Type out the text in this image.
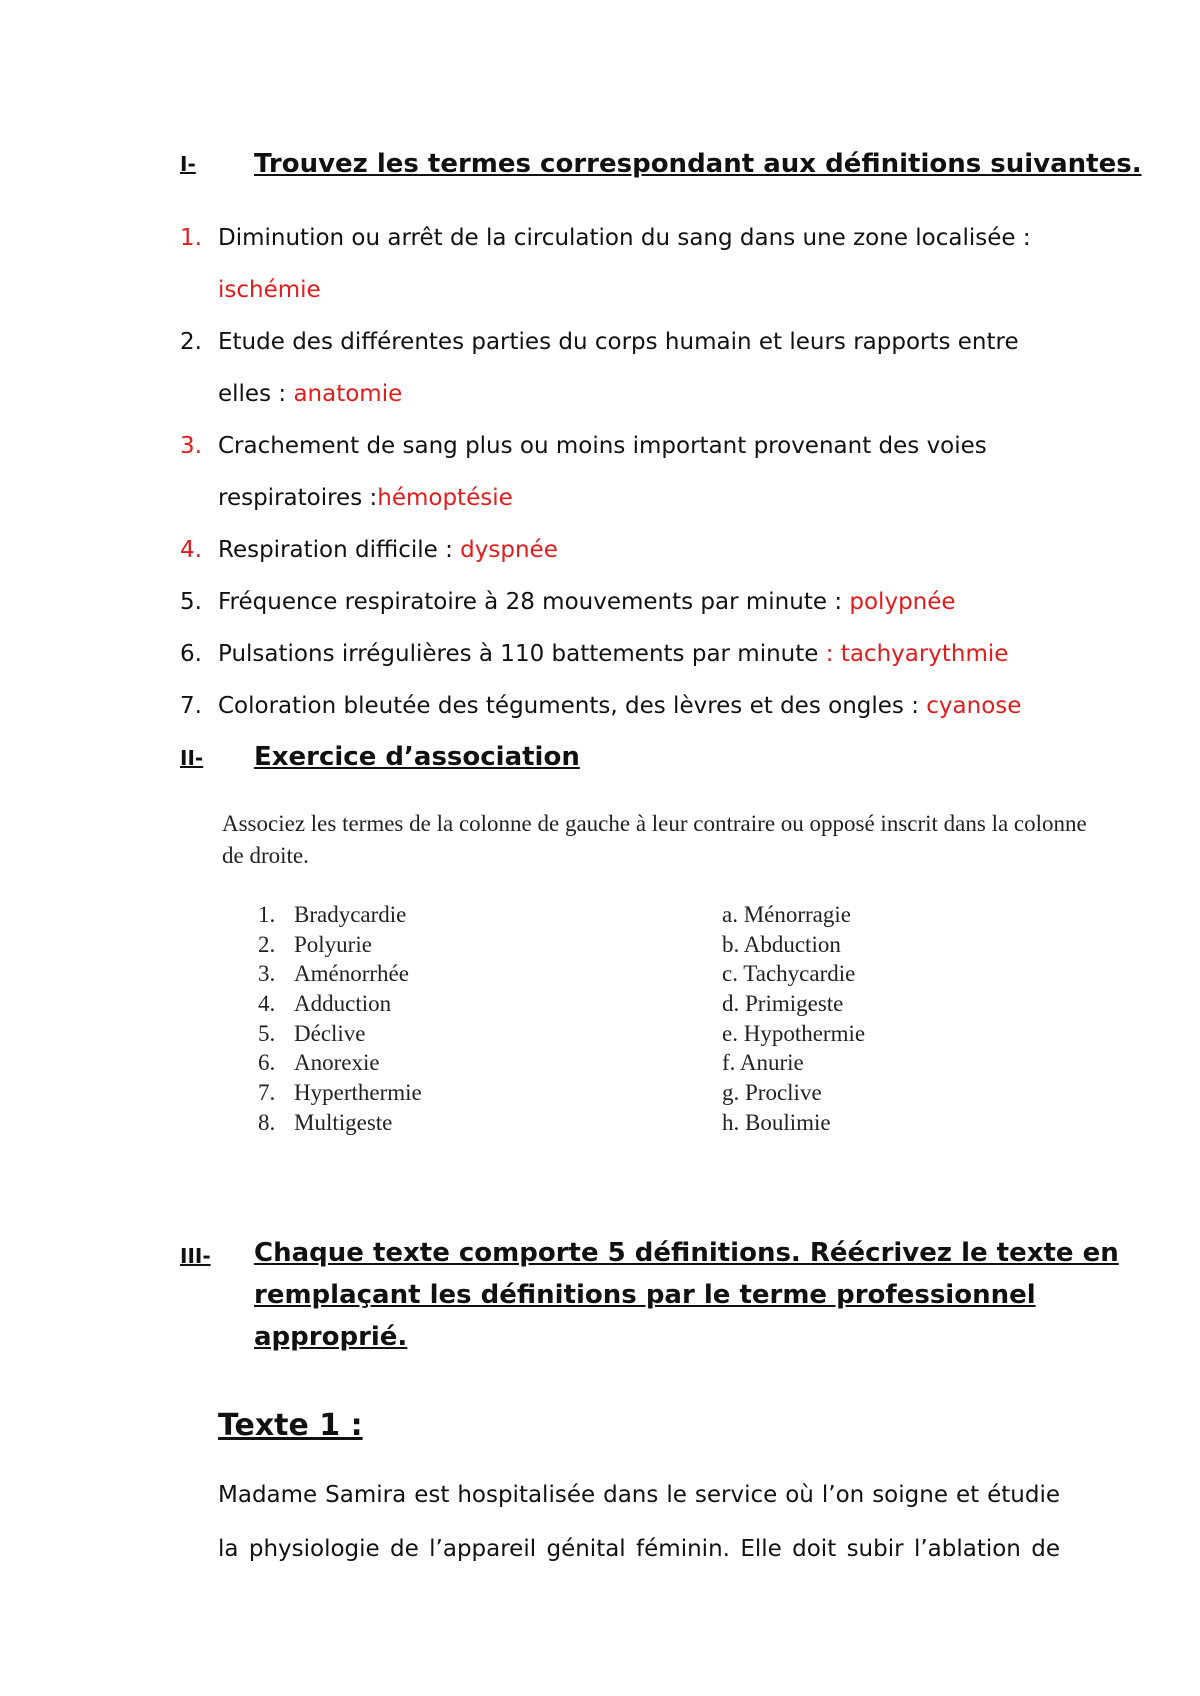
I- Trouvez les termes correspondant aux définitions suivantes.
1. Diminution ou arrêt de la circulation du sang dans une zone localisée :
ischémie
2. Etude des différentes parties du corps humain et leurs rapports entre
elles : anatomie
3. Crachement de sang plus ou moins important provenant des voies
respiratoires :hémoptésie
4. Respiration difficile : dyspnée
5. Fréquence respiratoire à 28 mouvements par minute : polypnée
6. Pulsations irrégulières à 110 battements par minute : tachyarythmie
7. Coloration bleutée des téguments, des lèvres et des ongles : cyanose
II- Exercice d’association
Associez les termes de la colonne de gauche à leur contraire ou opposé inscrit dans la colonne
de droite.
1. Bradycardie
2. Polyurie
3. Aménorrhée
4. Adduction
5. Déclive
6. Anorexie
7. Hyperthermie
8. Multigeste
a. Ménorragie
b. Abduction
c. Tachycardie
d. Primigeste
e. Hypothermie
f. Anurie
g. Proclive
h. Boulimie
III- Chaque texte comporte 5 définitions. Réécrivez le texte en
remplaçant les définitions par le terme professionnel
approprié.
Texte 1 :
Madame Samira est hospitalisée dans le service où l’on soigne et étudie
la physiologie de l’appareil génital féminin. Elle doit subir l’ablation de
